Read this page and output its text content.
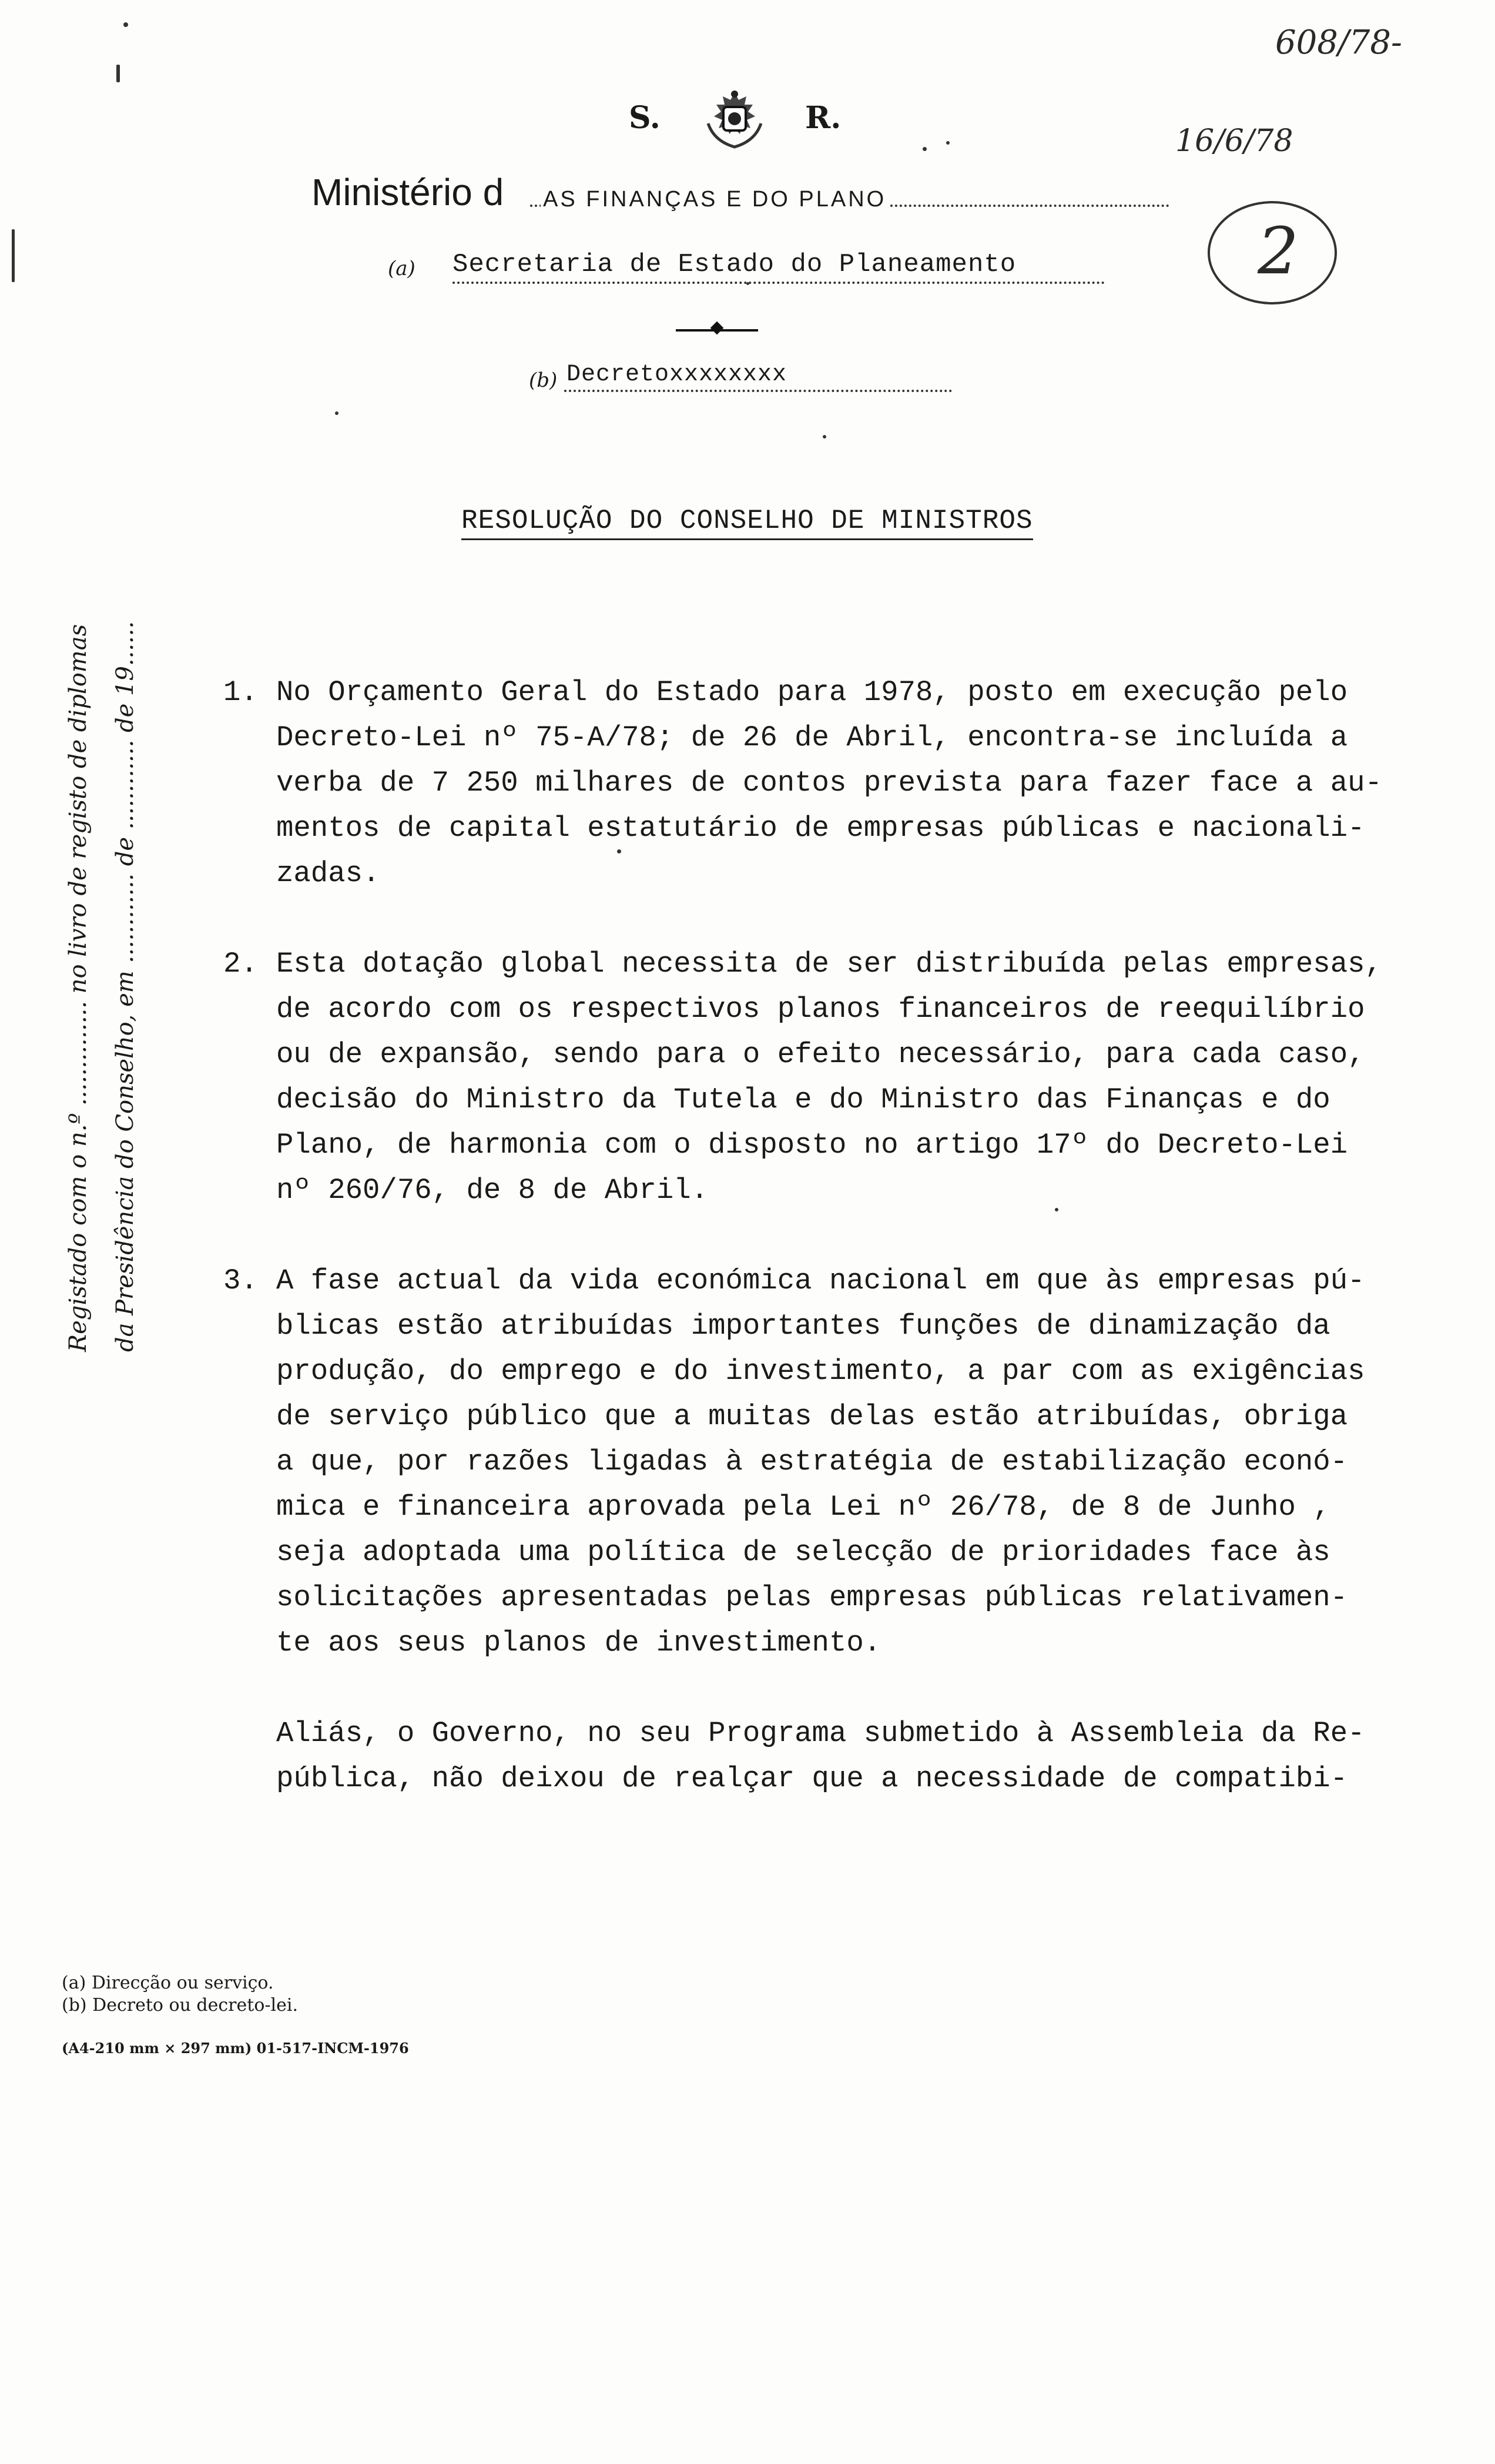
S.	R.
Ministério d AS FINANÇAS E DO PLANO
(a) Secretaria de Estado do Planeamento
(b) Decretoxxxxxxxx
608/78-
16/6/78
2
RESOLUÇÃO DO CONSELHO DE MINISTROS
Registado com o n.º .............. no livro de registo de diplomas da Presidência do Conselho, em ............ de ............ de 19......	1. No Orçamento Geral do Estado para 1978, posto em execução pelo
Decreto-Lei nº 75-A/78; de 26 de Abril, encontra-se incluída a
verba de 7 250 milhares de contos prevista para fazer face a au-
mentos de capital estatutário de empresas públicas e nacionali-
zadas.
2. Esta dotação global necessita de ser distribuída pelas empresas,
de acordo com os respectivos planos financeiros de reequilíbrio
ou de expansão, sendo para o efeito necessário, para cada caso,
decisão do Ministro da Tutela e do Ministro das Finanças e do
Plano, de harmonia com o disposto no artigo 17º do Decreto-Lei
nº 260/76, de 8 de Abril.
3. A fase actual da vida económica nacional em que às empresas pú-
blicas estão atribuídas importantes funções de dinamização da
produção, do emprego e do investimento, a par com as exigências
de serviço público que a muitas delas estão atribuídas, obriga
a que, por razões ligadas à estratégia de estabilização econó-
mica e financeira aprovada pela Lei nº 26/78, de 8 de Junho ,
seja adoptada uma política de selecção de prioridades face às
solicitações apresentadas pelas empresas públicas relativamen-
te aos seus planos de investimento.
Aliás, o Governo, no seu Programa submetido à Assembleia da Re-
pública, não deixou de realçar que a necessidade de compatibi-
(a) Direcção ou serviço.
(b) Decreto ou decreto-lei.
(A4-210 mm × 297 mm) 01-517-INCM-1976
